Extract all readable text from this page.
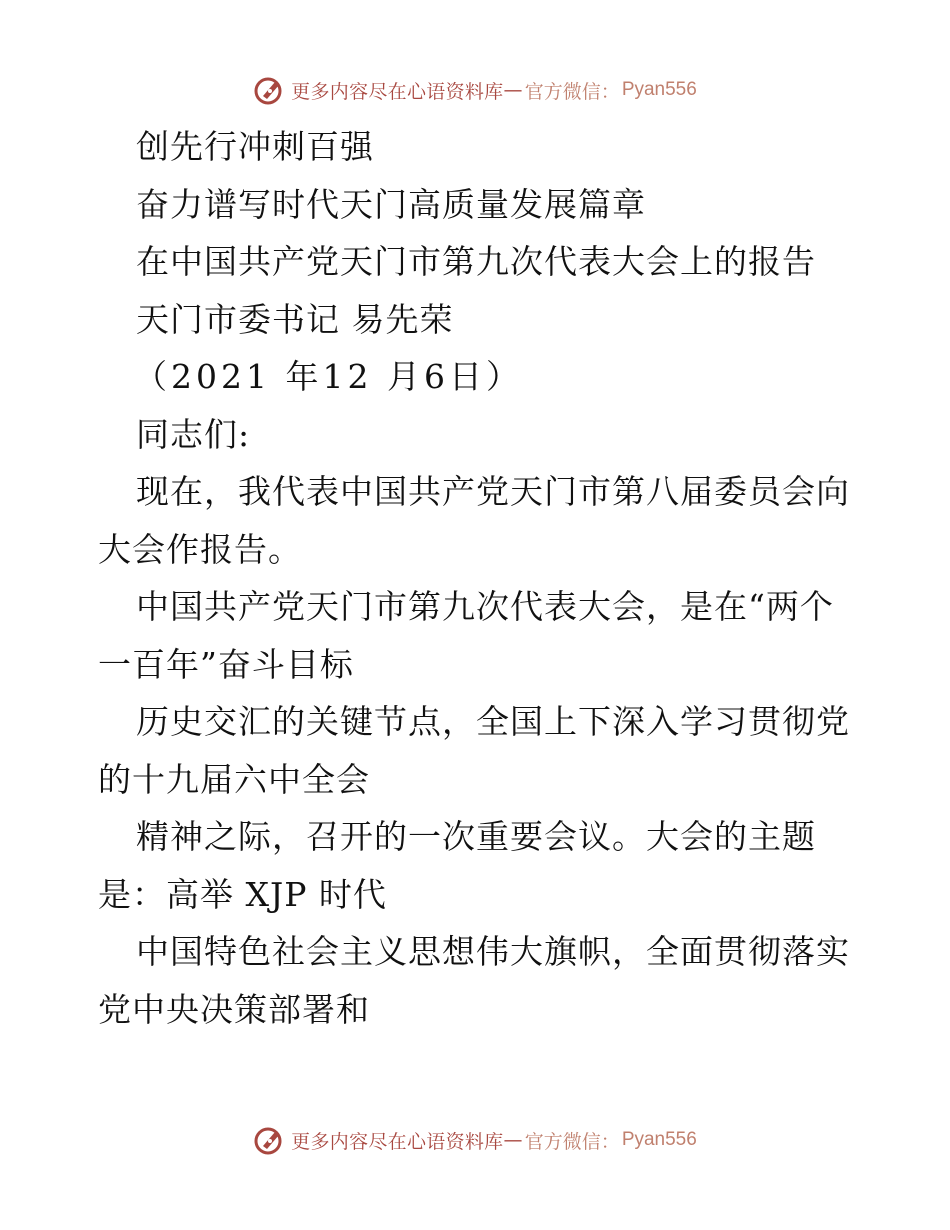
更多内容尽在心语资料库 — 官方微信： Pyan556

创先行冲刺百强

奋力谱写时代天门高质量发展篇章

在中国共产党天门市第九次代表大会上的报告

天门市委书记 易先荣

（2021 年12 月6日）

同志们:

现在，我代表中国共产党天门市第八届委员会向大会作报告。

中国共产党天门市第九次代表大会，是在“两个一百年”奋斗目标

历史交汇的关键节点，全国上下深入学习贯彻党的十九届六中全会

精神之际，召开的一次重要会议。大会的主题是：高举 XJP 时代

中国特色社会主义思想伟大旗帜，全面贯彻落实党中央决策部署和

更多内容尽在心语资料库 — 官方微信： Pyan556
